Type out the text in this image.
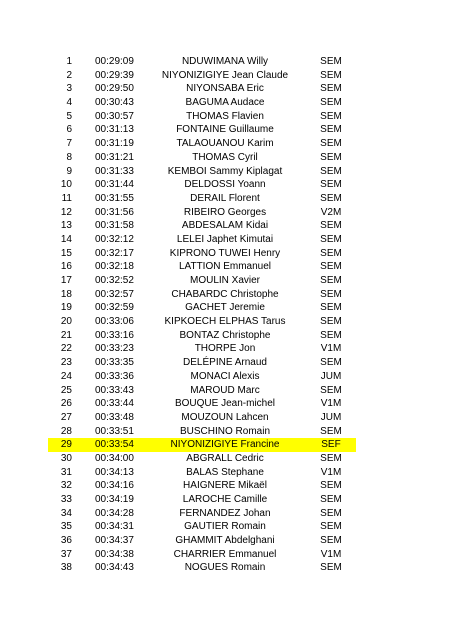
1	00:29:09	NDUWIMANA Willy	SEM
2	00:29:39	NIYONIZIGIYE Jean Claude	SEM
3	00:29:50	NIYONSABA Eric	SEM
4	00:30:43	BAGUMA Audace	SEM
5	00:30:57	THOMAS Flavien	SEM
6	00:31:13	FONTAINE Guillaume	SEM
7	00:31:19	TALAOUANOU Karim	SEM
8	00:31:21	THOMAS Cyril	SEM
9	00:31:33	KEMBOI Sammy Kiplagat	SEM
10	00:31:44	DELDOSSI Yoann	SEM
11	00:31:55	DERAIL Florent	SEM
12	00:31:56	RIBEIRO Georges	V2M
13	00:31:58	ABDESALAM Kidai	SEM
14	00:32:12	LELEI Japhet Kimutai	SEM
15	00:32:17	KIPRONO TUWEI Henry	SEM
16	00:32:18	LATTION Emmanuel	SEM
17	00:32:52	MOULIN Xavier	SEM
18	00:32:57	CHABARDC Christophe	SEM
19	00:32:59	GACHET Jeremie	SEM
20	00:33:06	KIPKOECH ELPHAS Tarus	SEM
21	00:33:16	BONTAZ Christophe	SEM
22	00:33:23	THORPE Jon	V1M
23	00:33:35	DELÉPINE Arnaud	SEM
24	00:33:36	MONACI Alexis	JUM
25	00:33:43	MAROUD Marc	SEM
26	00:33:44	BOUQUE Jean-michel	V1M
27	00:33:48	MOUZOUN Lahcen	JUM
28	00:33:51	BUSCHINO Romain	SEM
29	00:33:54	NIYONIZIGIYE Francine	SEF
30	00:34:00	ABGRALL Cedric	SEM
31	00:34:13	BALAS Stephane	V1M
32	00:34:16	HAIGNERE Mikaël	SEM
33	00:34:19	LAROCHE Camille	SEM
34	00:34:28	FERNANDEZ Johan	SEM
35	00:34:31	GAUTIER Romain	SEM
36	00:34:37	GHAMMIT Abdelghani	SEM
37	00:34:38	CHARRIER Emmanuel	V1M
38	00:34:43	NOGUES Romain	SEM
